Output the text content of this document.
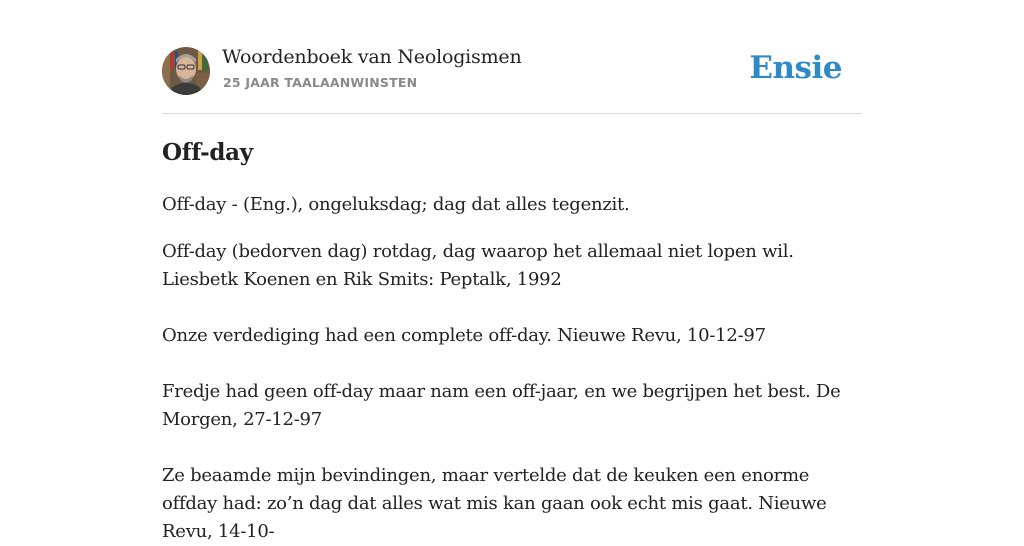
Woordenboek van Neologismen
25 JAAR TAALAANWINSTEN	Ensie
Off-day

Off-day - (Eng.), ongeluksdag; dag dat alles tegenzit.

Off-day (bedorven dag) rotdag, dag waarop het allemaal niet lopen wil. Liesbetk Koenen en Rik Smits: Peptalk, 1992

Onze verdediging had een complete off-day. Nieuwe Revu, 10-12-97

Fredje had geen off-day maar nam een off-jaar, en we begrijpen het best. De Morgen, 27-12-97

Ze beaamde mijn bevindingen, maar vertelde dat de keuken een enorme offday had: zo’n dag dat alles wat mis kan gaan ook echt mis gaat. Nieuwe Revu, 14-10-
